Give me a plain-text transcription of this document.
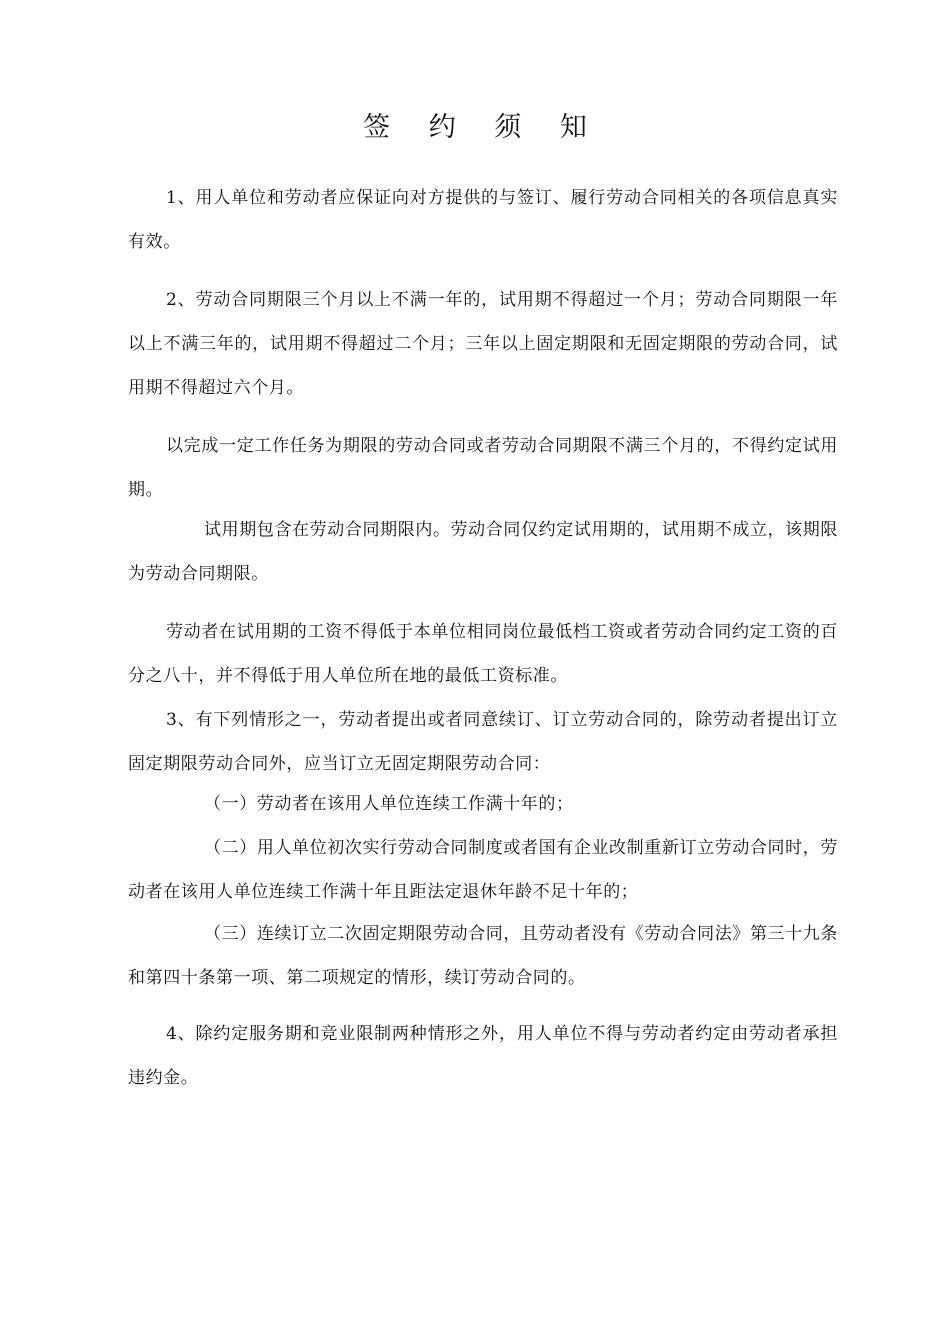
签 约 须 知

1、用人单位和劳动者应保证向对方提供的与签订、履行劳动合同相关的各项信息真实有效。

2、劳动合同期限三个月以上不满一年的，试用期不得超过一个月；劳动合同期限一年以上不满三年的，试用期不得超过二个月；三年以上固定期限和无固定期限的劳动合同，试用期不得超过六个月。

以完成一定工作任务为期限的劳动合同或者劳动合同期限不满三个月的，不得约定试用期。

试用期包含在劳动合同期限内。劳动合同仅约定试用期的，试用期不成立，该期限为劳动合同期限。

劳动者在试用期的工资不得低于本单位相同岗位最低档工资或者劳动合同约定工资的百分之八十，并不得低于用人单位所在地的最低工资标准。

3、有下列情形之一，劳动者提出或者同意续订、订立劳动合同的，除劳动者提出订立固定期限劳动合同外，应当订立无固定期限劳动合同：

（一）劳动者在该用人单位连续工作满十年的；

（二）用人单位初次实行劳动合同制度或者国有企业改制重新订立劳动合同时，劳动者在该用人单位连续工作满十年且距法定退休年龄不足十年的；

（三）连续订立二次固定期限劳动合同，且劳动者没有《劳动合同法》第三十九条和第四十条第一项、第二项规定的情形，续订劳动合同的。

4、除约定服务期和竞业限制两种情形之外，用人单位不得与劳动者约定由劳动者承担违约金。
